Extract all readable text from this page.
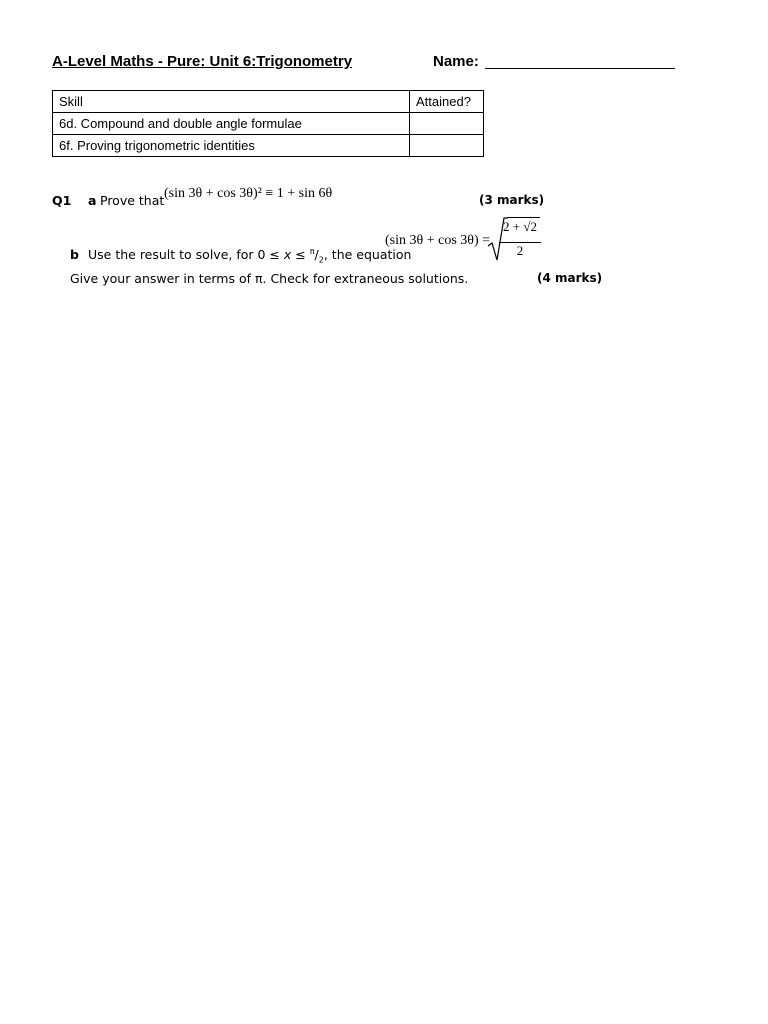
A-Level Maths - Pure: Unit 6:Trigonometry	Name:
Skill	Attained?
6d. Compound and double angle formulae	
6f. Proving trigonometric identities	
Q1 a Prove that (sin 3θ + cos 3θ)² ≡ 1 + sin 6θ	(3 marks)
b Use the result to solve, for $0 \le x \le ^\pi/_2$, the equation
(sin 3θ + cos 3θ) =
2 + √2
2
Give your answer in terms of π. Check for extraneous solutions.	(4 marks)
